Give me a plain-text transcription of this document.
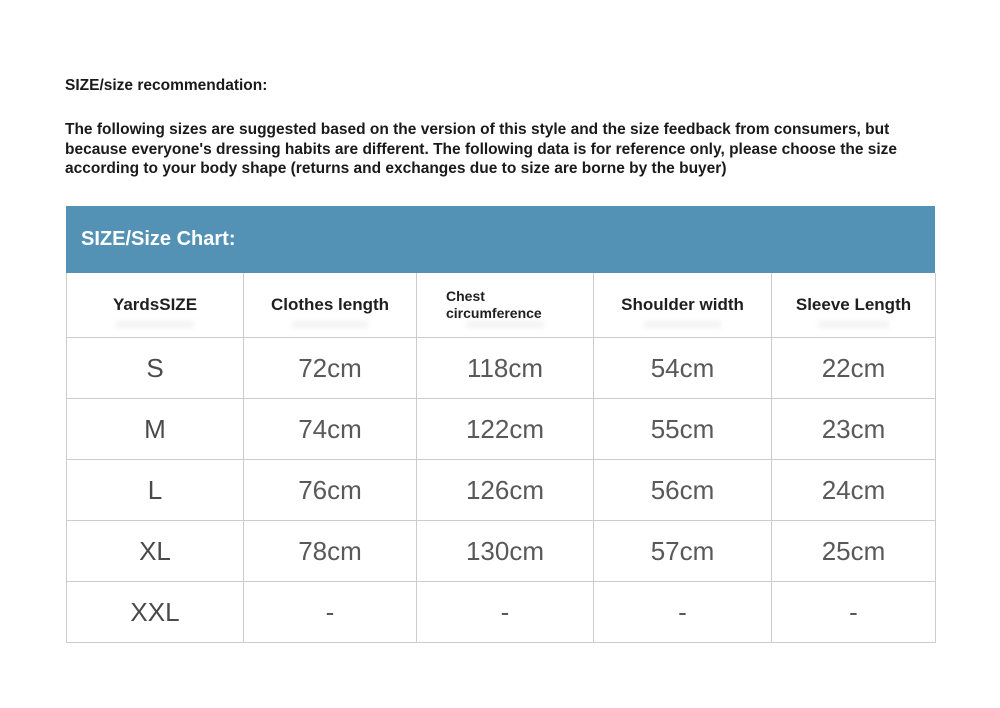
SIZE/size recommendation:
The following sizes are suggested based on the version of this style and the size feedback from consumers, but because everyone's dressing habits are different. The following data is for reference only, please choose the size according to your body shape (returns and exchanges due to size are borne by the buyer)
SIZE/Size Chart:
YardsSIZE	Clothes length	Chest circumference	Shoulder width	Sleeve Length
S	72cm	118cm	54cm	22cm
M	74cm	122cm	55cm	23cm
L	76cm	126cm	56cm	24cm
XL	78cm	130cm	57cm	25cm
XXL	-	-	-	-
